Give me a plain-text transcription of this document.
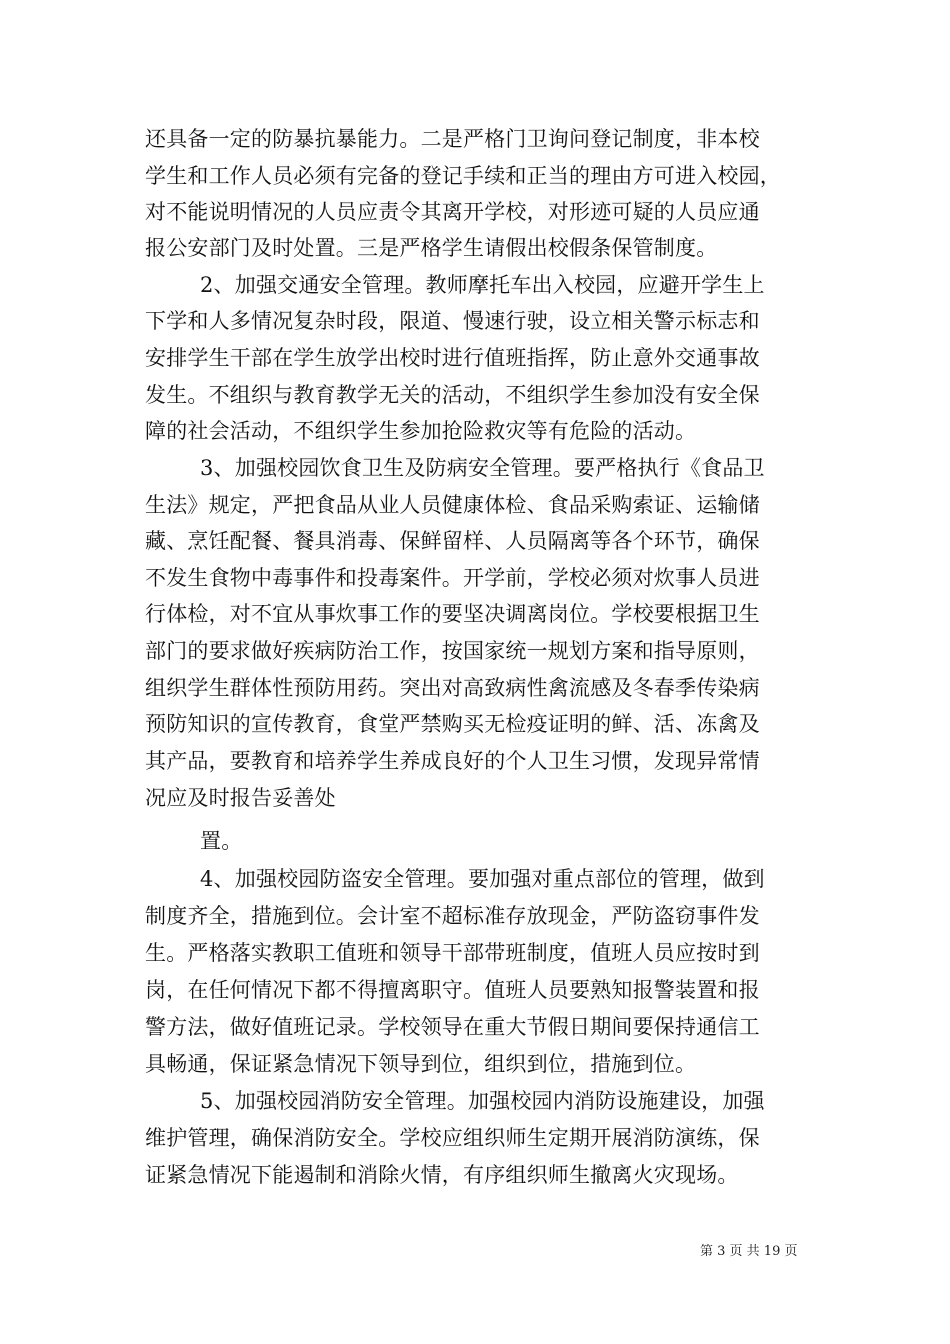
还具备一定的防暴抗暴能力。二是严格门卫询问登记制度，非本校
学生和工作人员必须有完备的登记手续和正当的理由方可进入校园，
对不能说明情况的人员应责令其离开学校，对形迹可疑的人员应通
报公安部门及时处置。三是严格学生请假出校假条保管制度。
2、加强交通安全管理。教师摩托车出入校园，应避开学生上
下学和人多情况复杂时段，限道、慢速行驶，设立相关警示标志和
安排学生干部在学生放学出校时进行值班指挥，防止意外交通事故
发生。不组织与教育教学无关的活动，不组织学生参加没有安全保
障的社会活动，不组织学生参加抢险救灾等有危险的活动。
3、加强校园饮食卫生及防病安全管理。要严格执行《食品卫
生法》规定，严把食品从业人员健康体检、食品采购索证、运输储
藏、烹饪配餐、餐具消毒、保鲜留样、人员隔离等各个环节，确保
不发生食物中毒事件和投毒案件。开学前，学校必须对炊事人员进
行体检，对不宜从事炊事工作的要坚决调离岗位。学校要根据卫生
部门的要求做好疾病防治工作，按国家统一规划方案和指导原则，
组织学生群体性预防用药。突出对高致病性禽流感及冬春季传染病
预防知识的宣传教育，食堂严禁购买无检疫证明的鲜、活、冻禽及
其产品，要教育和培养学生养成良好的个人卫生习惯，发现异常情
况应及时报告妥善处
置。
4、加强校园防盗安全管理。要加强对重点部位的管理，做到
制度齐全，措施到位。会计室不超标准存放现金，严防盗窃事件发
生。严格落实教职工值班和领导干部带班制度，值班人员应按时到
岗，在任何情况下都不得擅离职守。值班人员要熟知报警装置和报
警方法，做好值班记录。学校领导在重大节假日期间要保持通信工
具畅通，保证紧急情况下领导到位，组织到位，措施到位。
5、加强校园消防安全管理。加强校园内消防设施建设，加强
维护管理，确保消防安全。学校应组织师生定期开展消防演练，保
证紧急情况下能遏制和消除火情，有序组织师生撤离火灾现场。
第 3 页 共 19 页
